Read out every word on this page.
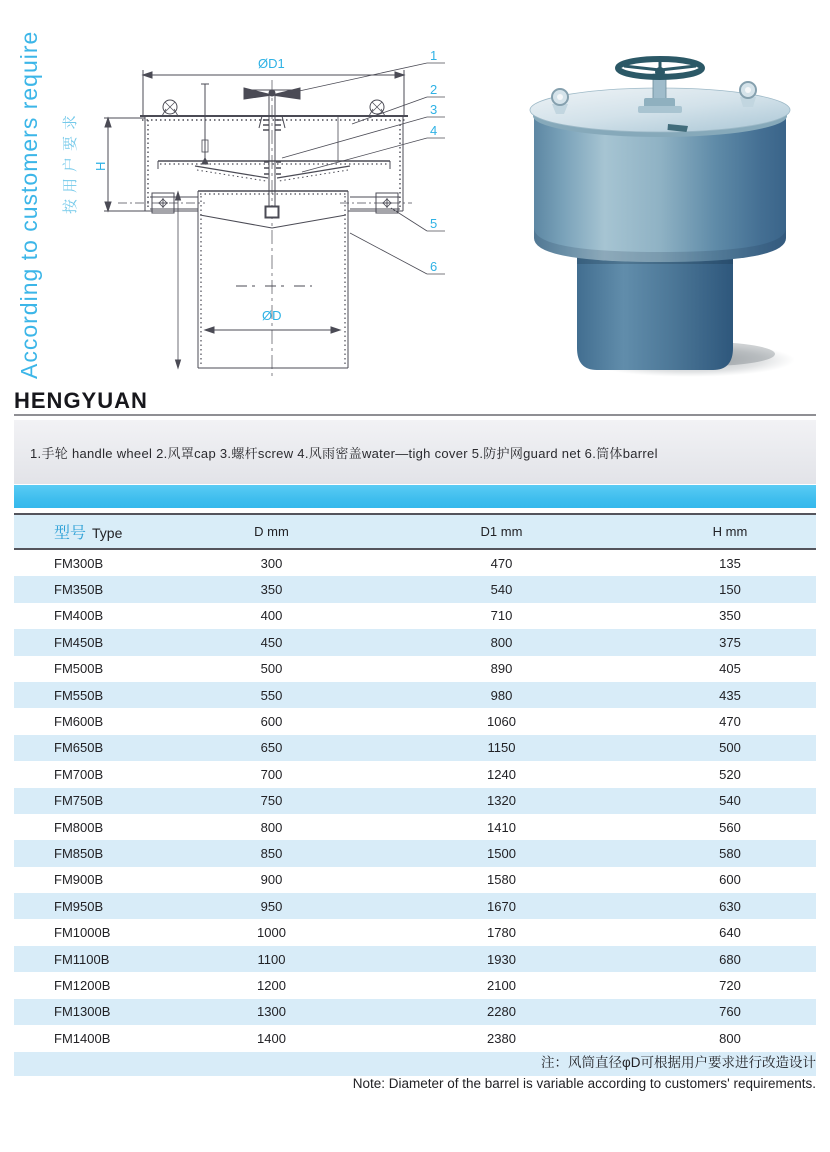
According to customers require 按用户要求
ØD1
H
ØD
1
2
3
4
5
6
HENGYUAN
1.手轮 handle wheel 2.风罩cap 3.螺杆screw 4.风雨密盖water—tigh cover 5.防护网guard net 6.筒体barrel
型号 Type	D mm	D1 mm	H mm
FM300B	300	470	135
FM350B	350	540	150
FM400B	400	710	350
FM450B	450	800	375
FM500B	500	890	405
FM550B	550	980	435
FM600B	600	1060	470
FM650B	650	1150	500
FM700B	700	1240	520
FM750B	750	1320	540
FM800B	800	1410	560
FM850B	850	1500	580
FM900B	900	1580	600
FM950B	950	1670	630
FM1000B	1000	1780	640
FM1100B	1100	1930	680
FM1200B	1200	2100	720
FM1300B	1300	2280	760
FM1400B	1400	2380	800
注：风筒直径φD可根据用户要求进行改造设计
Note: Diameter of the barrel is variable according to customers' requirements.
